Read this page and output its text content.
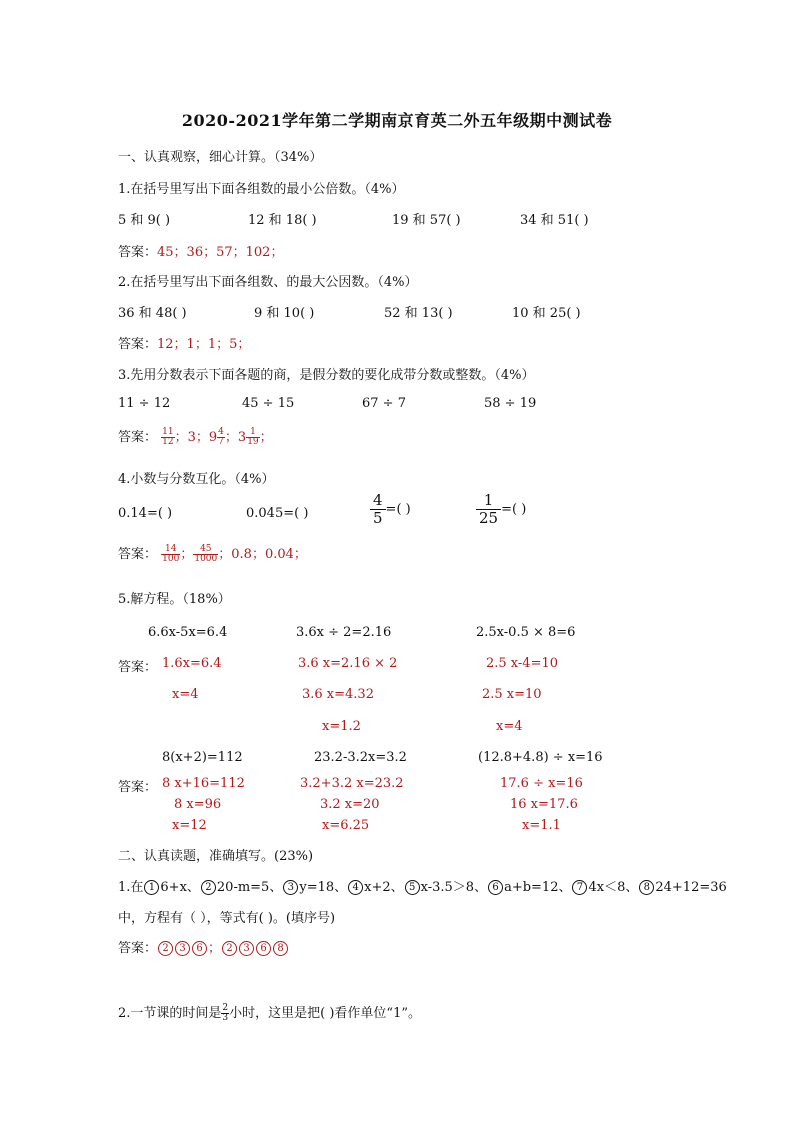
2020-2021学年第二学期南京育英二外五年级期中测试卷
一、认真观察，细心计算。（34%）
1.在括号里写出下面各组数的最小公倍数。（4%）
5 和 9( )	12 和 18( )	19 和 57( )	34 和 51( )
答案：45；36；57；102；
2.在括号里写出下面各组数、的最大公因数。（4%）
36 和 48( )	9 和 10( )	52 和 13( )	10 和 25( )
答案：12；1；1；5；
3.先用分数表示下面各题的商，是假分数的要化成带分数或整数。（4%）
11 ÷ 12	45 ÷ 15	67 ÷ 7	58 ÷ 19
答案： $\frac{11}{12}$ ；3；$9 \frac{4}{7}$ ；$3 \frac{1}{19}$ ；
4.小数与分数互化。（4%）
0.14=( )	0.045=( )	$\frac{4}{5}$ =( )	$\frac{1}{25}$ =( )
答案： $\frac{14}{100}$ ； $\frac{45}{1000}$ ；0.8；0.04；
5.解方程。（18%）
6.6x-5x=6.4	3.6x ÷ 2=2.16	2.5x-0.5 × 8=6
答案： 1.6x=6.4
x=4
3.6 x=2.16 × 2
3.6 x=4.32
x=1.2
2.5 x-4=10
2.5 x=10
x=4
8(x+2)=112	23.2-3.2x=3.2	(12.8+4.8) ÷ x=16
答案： 8 x+16=112
8 x=96
x=12
3.2+3.2 x=23.2
3.2 x=20
x=6.25
17.6 ÷ x=16
16 x=17.6
x=1.1
二、认真读题，准确填写。(23%)
1.在 1 6+x、 2 20-m=5、 3 y=18、 4 x+2、 5 x-3.5＞8、 6 a+b=12、 7 4x＜8、 8 24+12=36
中，方程有（ ），等式有( )。(填序号)
答案： 2 3 6 ； 2 3 6 8
2.一节课的时间是 $\frac{2}{3}$ 小时，这里是把( )看作单位“1”。
